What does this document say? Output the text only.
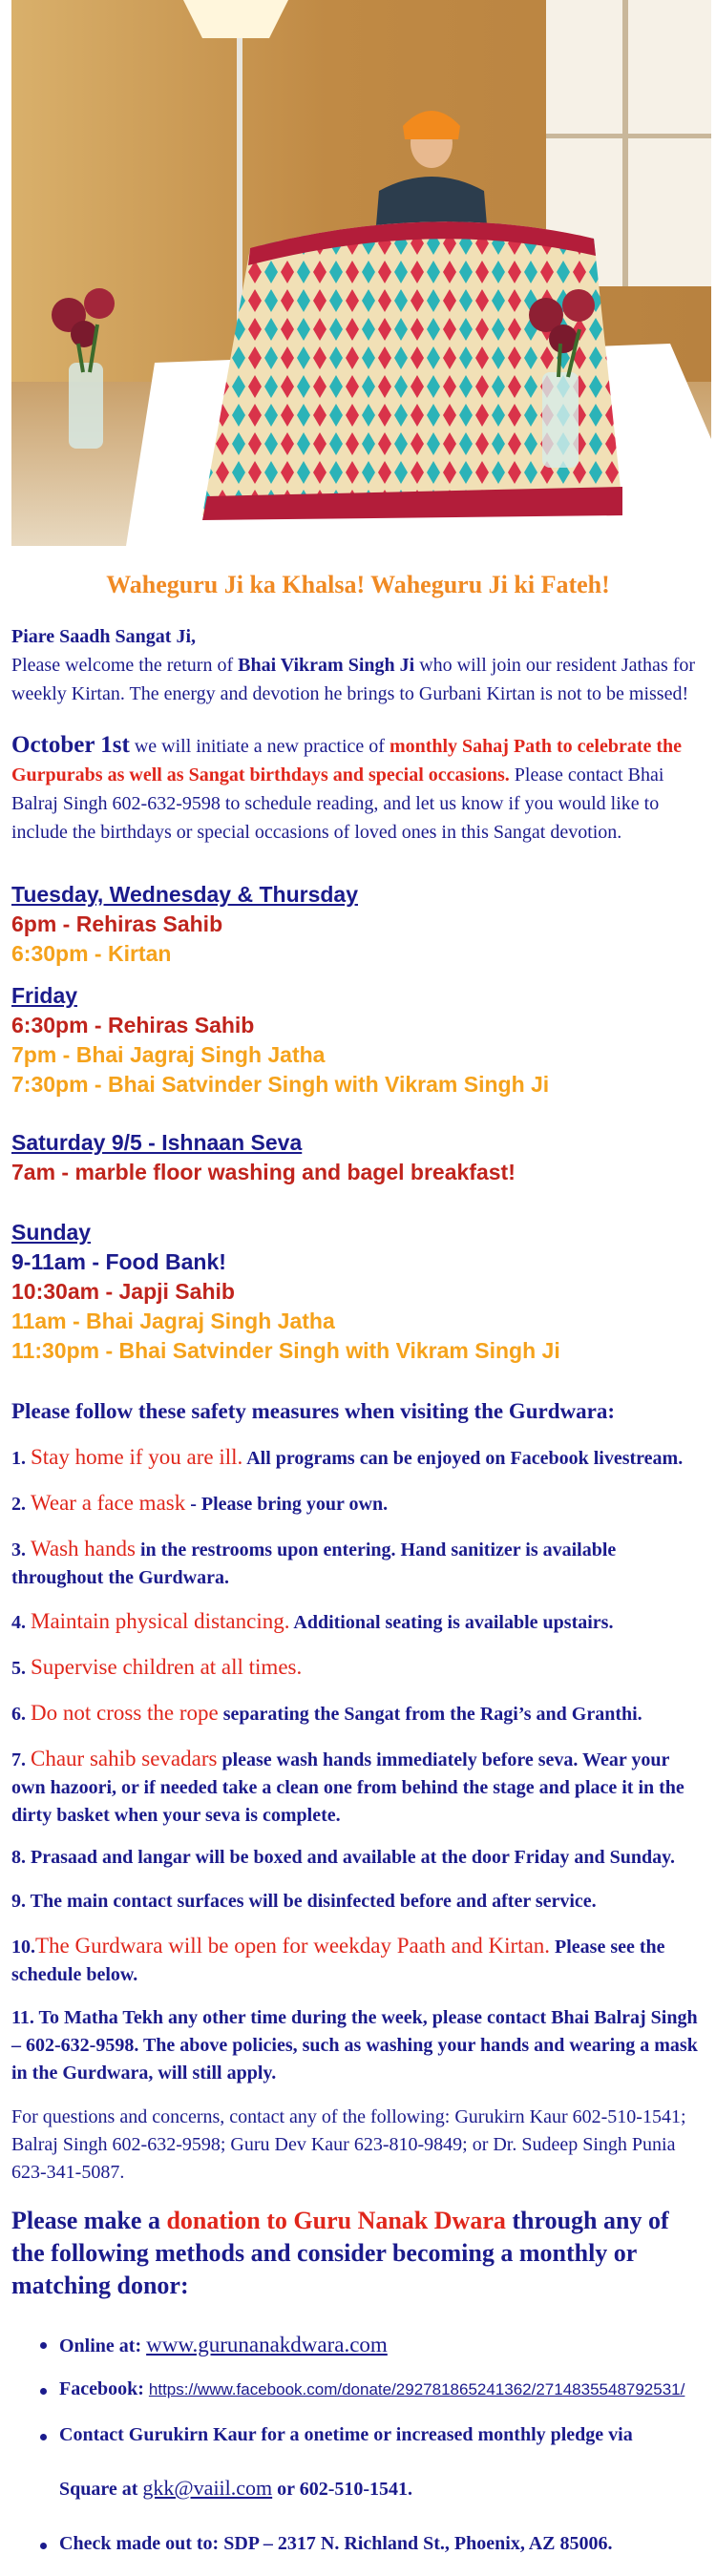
Waheguru Ji ka Khalsa! Waheguru Ji ki Fateh!

Piare Saadh Sangat Ji,

Please welcome the return of Bhai Vikram Singh Ji who will join our resident Jathas for weekly Kirtan. The energy and devotion he brings to Gurbani Kirtan is not to be missed!

October 1st we will initiate a new practice of monthly Sahaj Path to celebrate the Gurpurabs as well as Sangat birthdays and special occasions. Please contact Bhai Balraj Singh 602-632-9598 to schedule reading, and let us know if you would like to include the birthdays or special occasions of loved ones in this Sangat devotion.

Tuesday, Wednesday & Thursday
6pm - Rehiras Sahib
6:30pm - Kirtan
Friday
6:30pm - Rehiras Sahib
7pm - Bhai Jagraj Singh Jatha
7:30pm - Bhai Satvinder Singh with Vikram Singh Ji
Saturday 9/5 - Ishnaan Seva
7am - marble floor washing and bagel breakfast!
Sunday
9-11am - Food Bank!
10:30am - Japji Sahib
11am - Bhai Jagraj Singh Jatha
11:30pm - Bhai Satvinder Singh with Vikram Singh Ji
Please follow these safety measures when visiting the Gurdwara:
1. Stay home if you are ill. All programs can be enjoyed on Facebook livestream.
2. Wear a face mask - Please bring your own.
3. Wash hands in the restrooms upon entering. Hand sanitizer is available throughout the Gurdwara.
4. Maintain physical distancing. Additional seating is available upstairs.
5. Supervise children at all times.
6. Do not cross the rope separating the Sangat from the Ragi’s and Granthi.
7. Chaur sahib sevadars please wash hands immediately before seva. Wear your own hazoori, or if needed take a clean one from behind the stage and place it in the dirty basket when your seva is complete.
8. Prasaad and langar will be boxed and available at the door Friday and Sunday.
9. The main contact surfaces will be disinfected before and after service.
10.The Gurdwara will be open for weekday Paath and Kirtan. Please see the schedule below.
11. To Matha Tekh any other time during the week, please contact Bhai Balraj Singh – 602-632-9598. The above policies, such as washing your hands and wearing a mask in the Gurdwara, will still apply.
For questions and concerns, contact any of the following: Gurukirn Kaur 602-510-1541; Balraj Singh 602-632-9598; Guru Dev Kaur 623-810-9849; or Dr. Sudeep Singh Punia 623-341-5087.
Please make a donation to Guru Nanak Dwara through any of the following methods and consider becoming a monthly or matching donor:
Online at: www.gurunanakdwara.com
Facebook: https://www.facebook.com/donate/292781865241362/2714835548792531/
Contact Gurukirn Kaur for a onetime or increased monthly pledge via
Square at gkk@vaiil.com or 602-510-1541.
Check made out to: SDP – 2317 N. Richland St., Phoenix, AZ 85006.
